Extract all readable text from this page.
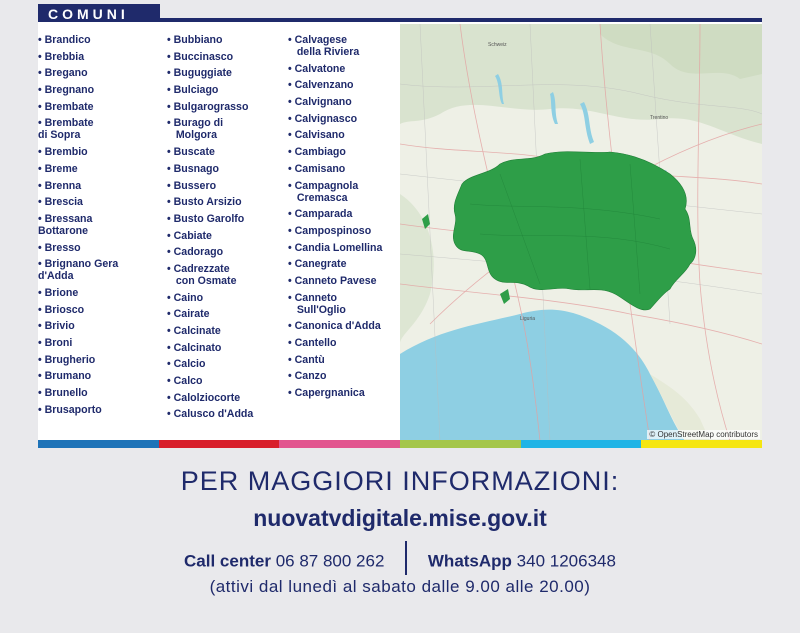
COMUNI
• Brandico
• Brebbia
• Bregano
• Bregnano
• Brembate
• Brembate
di Sopra
• Brembio
• Breme
• Brenna
• Brescia
• Bressana
Bottarone
• Bresso
• Brignano Gera
d'Adda
• Brione
• Briosco
• Brivio
• Broni
• Brugherio
• Brumano
• Brunello
• Brusaporto
• Bubbiano
• Buccinasco
• Buguggiate
• Bulciago
• Bulgarograsso
• Burago di
Molgora
• Buscate
• Busnago
• Bussero
• Busto Arsizio
• Busto Garolfo
• Cabiate
• Cadorago
• Cadrezzate
con Osmate
• Caino
• Cairate
• Calcinate
• Calcinato
• Calcio
• Calco
• Calolziocorte
• Calusco d'Adda
• Calvagese
della Riviera
• Calvatone
• Calvenzano
• Calvignano
• Calvignasco
• Calvisano
• Cambiago
• Camisano
• Campagnola
Cremasca
• Camparada
• Campospinoso
• Candia Lomellina
• Canegrate
• Canneto Pavese
• Canneto
Sull'Oglio
• Canonica d'Adda
• Cantello
• Cantù
• Canzo
• Capergnanica
Schweiz
Trentino
Liguria
© OpenStreetMap contributors
PER MAGGIORI INFORMAZIONI:
nuovatvdigitale.mise.gov.it
Call center 06 87 800 262	WhatsApp 340 1206348
(attivi dal lunedì al sabato dalle 9.00 alle 20.00)
